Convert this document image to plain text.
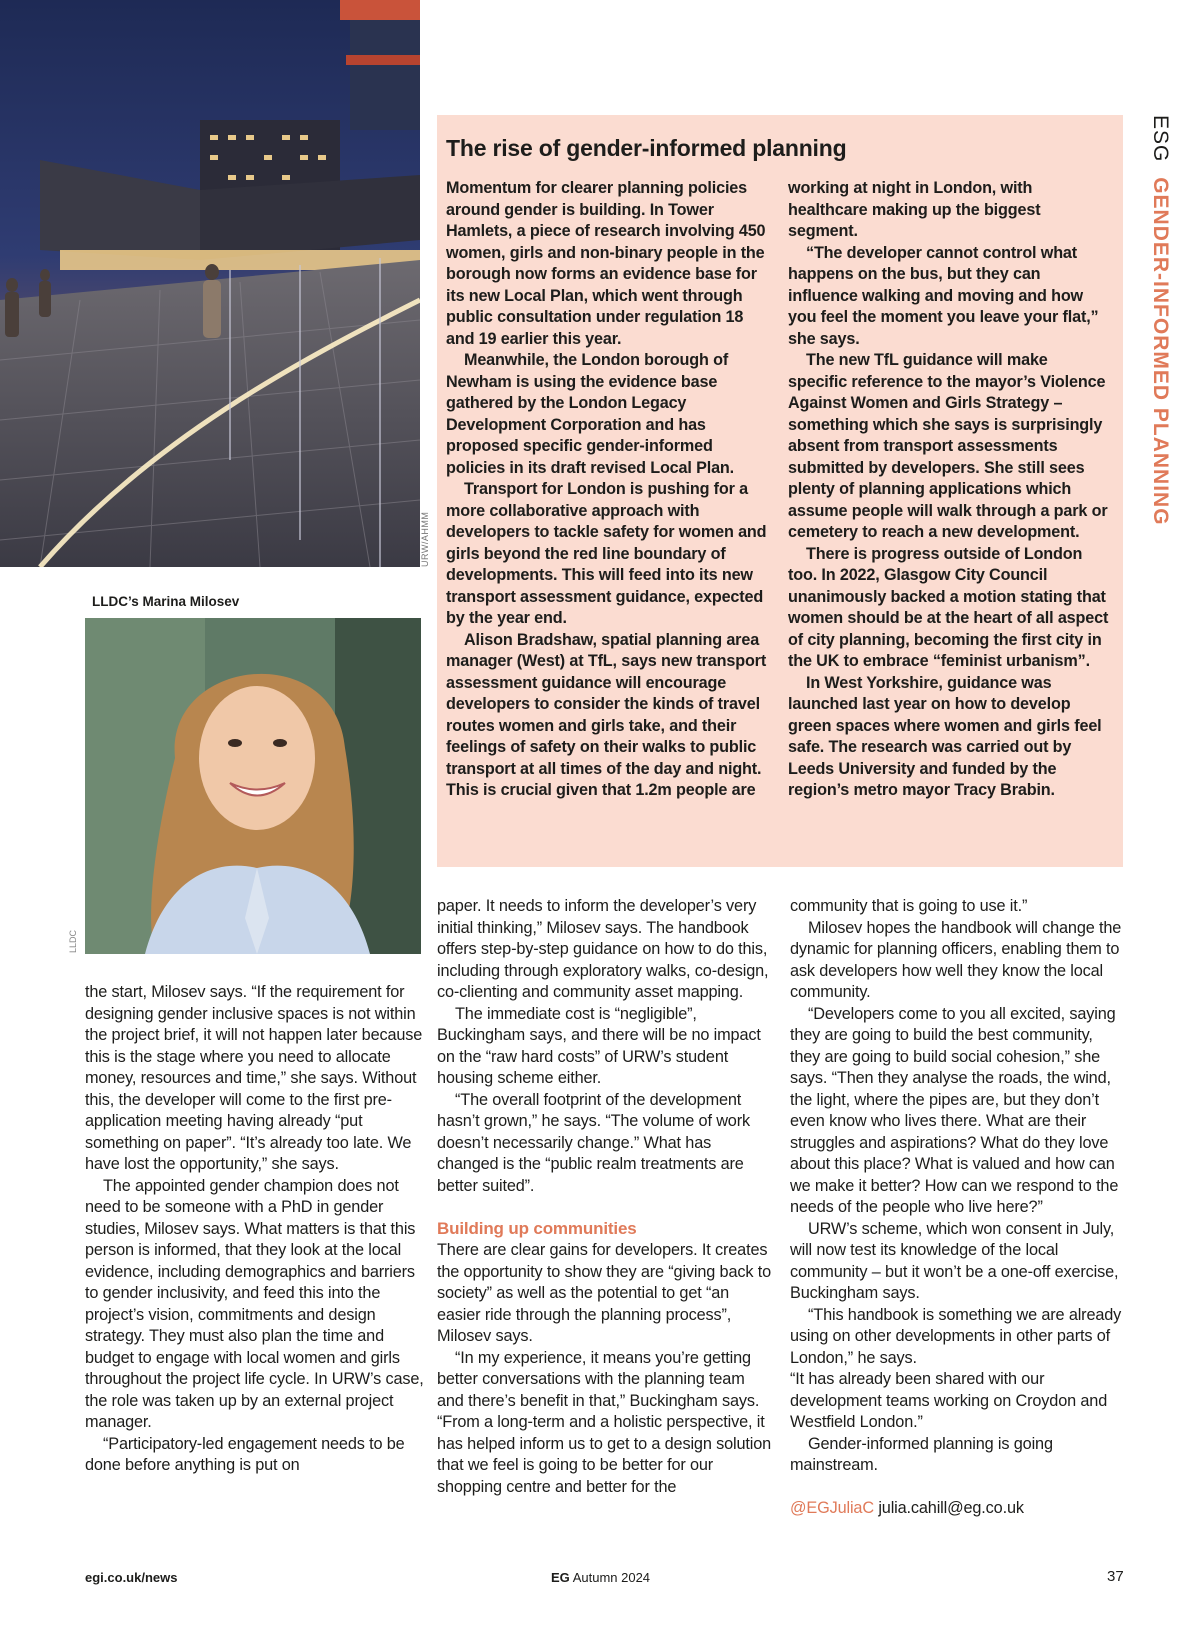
URW/AHMM
LLDC’s Marina Milosev
LLDC
The rise of gender-informed planning

Momentum for clearer planning policies around gender is building. In Tower Hamlets, a piece of research involving 450 women, girls and non-binary people in the borough now forms an evidence base for its new Local Plan, which went through public consultation under regulation 18 and 19 earlier this year.

Meanwhile, the London borough of Newham is using the evidence base gathered by the London Legacy Development Corporation and has proposed specific gender-informed policies in its draft revised Local Plan.

Transport for London is pushing for a more collaborative approach with developers to tackle safety for women and girls beyond the red line boundary of developments. This will feed into its new transport assessment guidance, expected by the year end.

Alison Bradshaw, spatial planning area manager (West) at TfL, says new transport assessment guidance will encourage developers to consider the kinds of travel routes women and girls take, and their feelings of safety on their walks to public transport at all times of the day and night. This is crucial given that 1.2m people are

working at night in London, with healthcare making up the biggest segment.

“The developer cannot control what happens on the bus, but they can influence walking and moving and how you feel the moment you leave your flat,” she says.

The new TfL guidance will make specific reference to the mayor’s Violence Against Women and Girls Strategy – something which she says is surprisingly absent from transport assessments submitted by developers. She still sees plenty of planning applications which assume people will walk through a park or cemetery to reach a new development.

There is progress outside of London too. In 2022, Glasgow City Council unanimously backed a motion stating that women should be at the heart of all aspect of city planning, becoming the first city in the UK to embrace “feminist urbanism”.

In West Yorkshire, guidance was launched last year on how to develop green spaces where women and girls feel safe. The research was carried out by Leeds University and funded by the region’s metro mayor Tracy Brabin.

ESG GENDER-INFORMED PLANNING

the start, Milosev says. “If the requirement for designing gender inclusive spaces is not within the project brief, it will not happen later because this is the stage where you need to allocate money, resources and time,” she says. Without this, the developer will come to the first pre-application meeting having already “put something on paper”. “It’s already too late. We have lost the opportunity,” she says.

The appointed gender champion does not need to be someone with a PhD in gender studies, Milosev says. What matters is that this person is informed, that they look at the local evidence, including demographics and barriers to gender inclusivity, and feed this into the project’s vision, commitments and design strategy. They must also plan the time and budget to engage with local women and girls throughout the project life cycle. In URW’s case, the role was taken up by an external project manager.

“Participatory-led engagement needs to be done before anything is put on

paper. It needs to inform the developer’s very initial thinking,” Milosev says. The handbook offers step-by-step guidance on how to do this, including through exploratory walks, co-design, co-clienting and community asset mapping.

The immediate cost is “negligible”, Buckingham says, and there will be no impact on the “raw hard costs” of URW’s student housing scheme either.

“The overall footprint of the development hasn’t grown,” he says. “The volume of work doesn’t necessarily change.” What has changed is the “public realm treatments are better suited”.

Building up communities

There are clear gains for developers. It creates the opportunity to show they are “giving back to society” as well as the potential to get “an easier ride through the planning process”, Milosev says.

“In my experience, it means you’re getting better conversations with the planning team and there’s benefit in that,” Buckingham says. “From a long-term and a holistic perspective, it has helped inform us to get to a design solution that we feel is going to be better for our shopping centre and better for the

community that is going to use it.”

Milosev hopes the handbook will change the dynamic for planning officers, enabling them to ask developers how well they know the local community.

“Developers come to you all excited, saying they are going to build the best community, they are going to build social cohesion,” she says. “Then they analyse the roads, the wind, the light, where the pipes are, but they don’t even know who lives there. What are their struggles and aspirations? What do they love about this place? What is valued and how can we make it better? How can we respond to the needs of the people who live here?”

URW’s scheme, which won consent in July, will now test its knowledge of the local community – but it won’t be a one-off exercise, Buckingham says.

“This handbook is something we are already using on other developments in other parts of London,” he says.

“It has already been shared with our development teams working on Croydon and Westfield London.”

Gender-informed planning is going mainstream.

@EGJuliaC julia.cahill@eg.co.uk
egi.co.uk/news	EG Autumn 2024	37
